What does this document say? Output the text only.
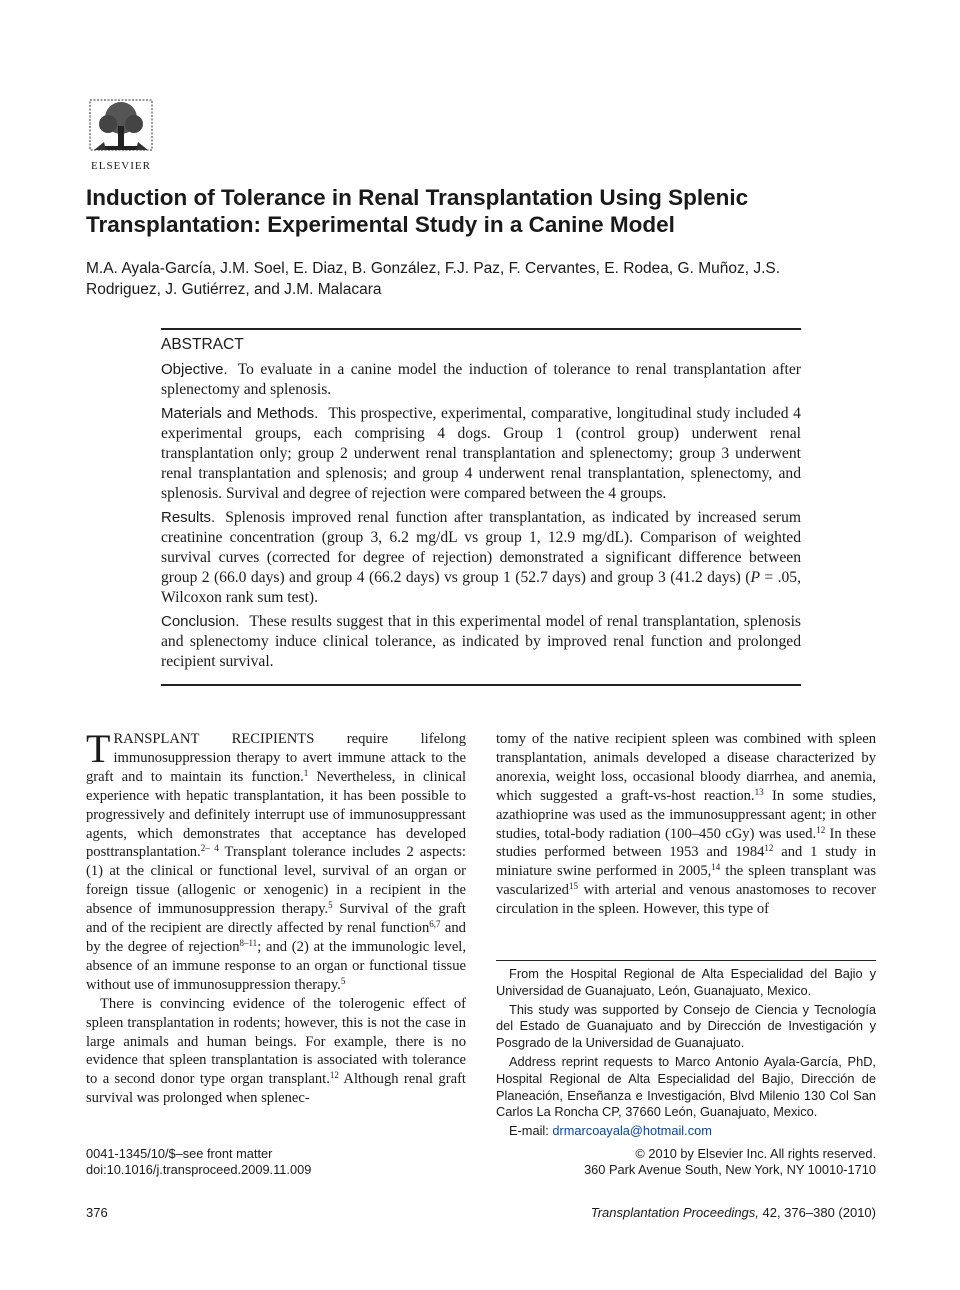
ELSEVIER
Induction of Tolerance in Renal Transplantation Using Splenic Transplantation: Experimental Study in a Canine Model
M.A. Ayala-García, J.M. Soel, E. Diaz, B. González, F.J. Paz, F. Cervantes, E. Rodea, G. Muñoz, J.S. Rodriguez, J. Gutiérrez, and J.M. Malacara
ABSTRACT

Objective. To evaluate in a canine model the induction of tolerance to renal transplantation after splenectomy and splenosis.

Materials and Methods. This prospective, experimental, comparative, longitudinal study included 4 experimental groups, each comprising 4 dogs. Group 1 (control group) underwent renal transplantation only; group 2 underwent renal transplantation and splenectomy; group 3 underwent renal transplantation and splenosis; and group 4 underwent renal transplantation, splenectomy, and splenosis. Survival and degree of rejection were compared between the 4 groups.

Results. Splenosis improved renal function after transplantation, as indicated by increased serum creatinine concentration (group 3, 6.2 mg/dL vs group 1, 12.9 mg/dL). Comparison of weighted survival curves (corrected for degree of rejection) demonstrated a significant difference between group 2 (66.0 days) and group 4 (66.2 days) vs group 1 (52.7 days) and group 3 (41.2 days) (P = .05, Wilcoxon rank sum test).

Conclusion. These results suggest that in this experimental model of renal transplantation, splenosis and splenectomy induce clinical tolerance, as indicated by improved renal function and prolonged recipient survival.

TRANSPLANT RECIPIENTS require lifelong immunosuppression therapy to avert immune attack to the graft and to maintain its function.$^1$ Nevertheless, in clinical experience with hepatic transplantation, it has been possible to progressively and definitely interrupt use of immunosuppressant agents, which demonstrates that acceptance has developed posttransplantation.$^{2- 4}$ Transplant tolerance includes 2 aspects: (1) at the clinical or functional level, survival of an organ or foreign tissue (allogenic or xenogenic) in a recipient in the absence of immunosuppression therapy.$^5$ Survival of the graft and of the recipient are directly affected by renal function$^{6,7}$ and by the degree of rejection$^{8-11}$; and (2) at the immunologic level, absence of an immune response to an organ or functional tissue without use of immunosuppression therapy.$^5$

There is convincing evidence of the tolerogenic effect of spleen transplantation in rodents; however, this is not the case in large animals and human beings. For example, there is no evidence that spleen transplantation is associated with tolerance to a second donor type organ transplant.$^{12}$ Although renal graft survival was prolonged when splenec-

tomy of the native recipient spleen was combined with spleen transplantation, animals developed a disease characterized by anorexia, weight loss, occasional bloody diarrhea, and anemia, which suggested a graft-vs-host reaction.$^{13}$ In some studies, azathioprine was used as the immunosuppressant agent; in other studies, total-body radiation (100–450 cGy) was used.$^{12}$ In these studies performed between 1953 and 1984$^{12}$ and 1 study in miniature swine performed in 2005,14 the spleen transplant was vascularized$^{15}$ with arterial and venous anastomoses to recover circulation in the spleen. However, this type of

From the Hospital Regional de Alta Especialidad del Bajio y Universidad de Guanajuato, León, Guanajuato, Mexico.

This study was supported by Consejo de Ciencia y Tecnología del Estado de Guanajuato and by Dirección de Investigación y Posgrado de la Universidad de Guanajuato.

Address reprint requests to Marco Antonio Ayala-García, PhD, Hospital Regional de Alta Especialidad del Bajio, Dirección de Planeación, Enseñanza e Investigación, Blvd Milenio 130 Col San Carlos La Roncha CP, 37660 León, Guanajuato, Mexico.

E-mail: drmarcoayala@hotmail.com

0041-1345/10/$–see front matter
doi:10.1016/j.transproceed.2009.11.009
© 2010 by Elsevier Inc. All rights reserved.
360 Park Avenue South, New York, NY 10010-1710
376	Transplantation Proceedings, 42, 376–380 (2010)
